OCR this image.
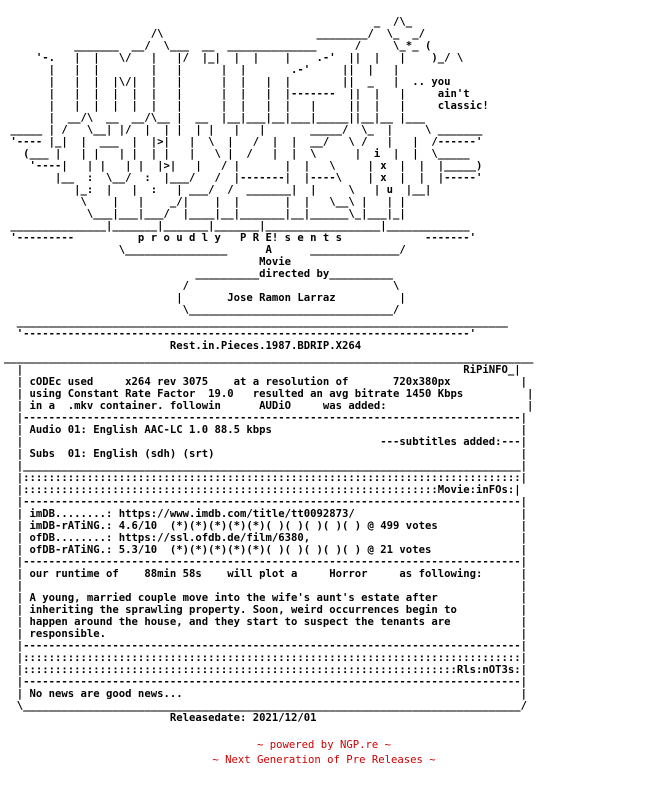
_  /\_
/\                        ________/  \_  _/
_______  __/  \___  __  ______________      /     \_*_ (
'-.   |  |   \/   |   |/  |_|  |  |    |    .-'  ||  |   |    )_/ \
|   |  |        |   |      |  |       .-'     ||  |   |
|   |  |  |\/|  |   |      |  |   |  |        ||  _   |  .. you
|   |  |  |  |  |   |      |  |   |  |-------  ||  |   |     ain't
|   |  |  |  |  |   |      |  |   |  |   |     ||  |   |     classic!
|  __/\  __  __/\__ |  __  |__|___|__|___|_____||__|__ |___
_____ | /   \__| |/  |  | |  | |   |   |       _____/  \_  |     \ _______
'---- |_|  |  ___  |  |>|   |  \  |   /  |  |  __/   \ /   |   |  /------'
(___ |   | |   | |  | |   |   \ |  /   |  |  \      |  i  |  |  \_____
'----|   | |   | |  |>|   |   / |       |  |   \     | x  |  |  |_____)
|__  :  \__/  :  |___/   /  |-------|  |----\    | x  |  |  |-----'
|_:  |   |  :   | ___/  /  _______|  |     \   | u  |__|
\    |   |    _/|    |  |       |  |   \__\ |   | |
\___|___|___/  |____|__|_______|__|______\_|___|_|
_______________|_______|_______|_______|__________________|_____________
'---------          p r o u d l y   P R E! s e n t s             -------'
\________________      A      ______________/
Movie
__________directed by__________
/                                \
|       Jose Ramon Larraz          |
\________________________________/
_____________________________________________________________________________
'----------------------------------------------------------------------'
Rest.in.Pieces.1987.BDRIP.X264
___________________________________________________________________________________
|                                                                     RiPiNFO_|
| cODEc used     x264 rev 3075    at a resolution of       720x380px           |
| using Constant Rate Factor  19.0   resulted an avg bitrate 1450 Kbps          |
| in a  .mkv container. followin      AUDiO     was added:                      |
|------------------------------------------------------------------------------|
| Audio 01: English AAC-LC 1.0 88.5 kbps                                       |
|                                                        ---subtitles added:---|
| Subs  01: English (sdh) (srt)                                                |
|______________________________________________________________________________|
|::::::::::::::::::::::::::::::::::::::::::::::::::::::::::::::::::::::::::::::|
|:::::::::::::::::::::::::::::::::::::::::::::::::::::::::::::::::Movie:inFOs:|
|------------------------------------------------------------------------------|
| imDB........: https://www.imdb.com/title/tt0092873/                          |
| imDB-rATiNG.: 4.6/10  (*)(*)(*)(*)(*)( )( )( )( )( ) @ 499 votes             |
| ofDB........: https://ssl.ofdb.de/film/6380,                                 |
| ofDB-rATiNG.: 5.3/10  (*)(*)(*)(*)(*)( )( )( )( )( ) @ 21 votes              |
|------------------------------------------------------------------------------|
| our runtime of    88min 58s    will plot a     Horror     as following:      |
|                                                                              |
| A young, married couple move into the wife's aunt's estate after             |
| inheriting the sprawling property. Soon, weird occurrences begin to          |
| happen around the house, and they start to suspect the tenants are           |
| responsible.                                                                 |
|------------------------------------------------------------------------------|
|::::::::::::::::::::::::::::::::::::::::::::::::::::::::::::::::::::::::::::::|
|::::::::::::::::::::::::::::::::::::::::::::::::::::::::::::::::::::Rls:nOT3s:|
|------------------------------------------------------------------------------|
| No news are good news...                                                     |
\______________________________________________________________________________/
Releasedate: 2021/12/01

~ powered by NGP.re ~
~ Next Generation of Pre Releases ~
